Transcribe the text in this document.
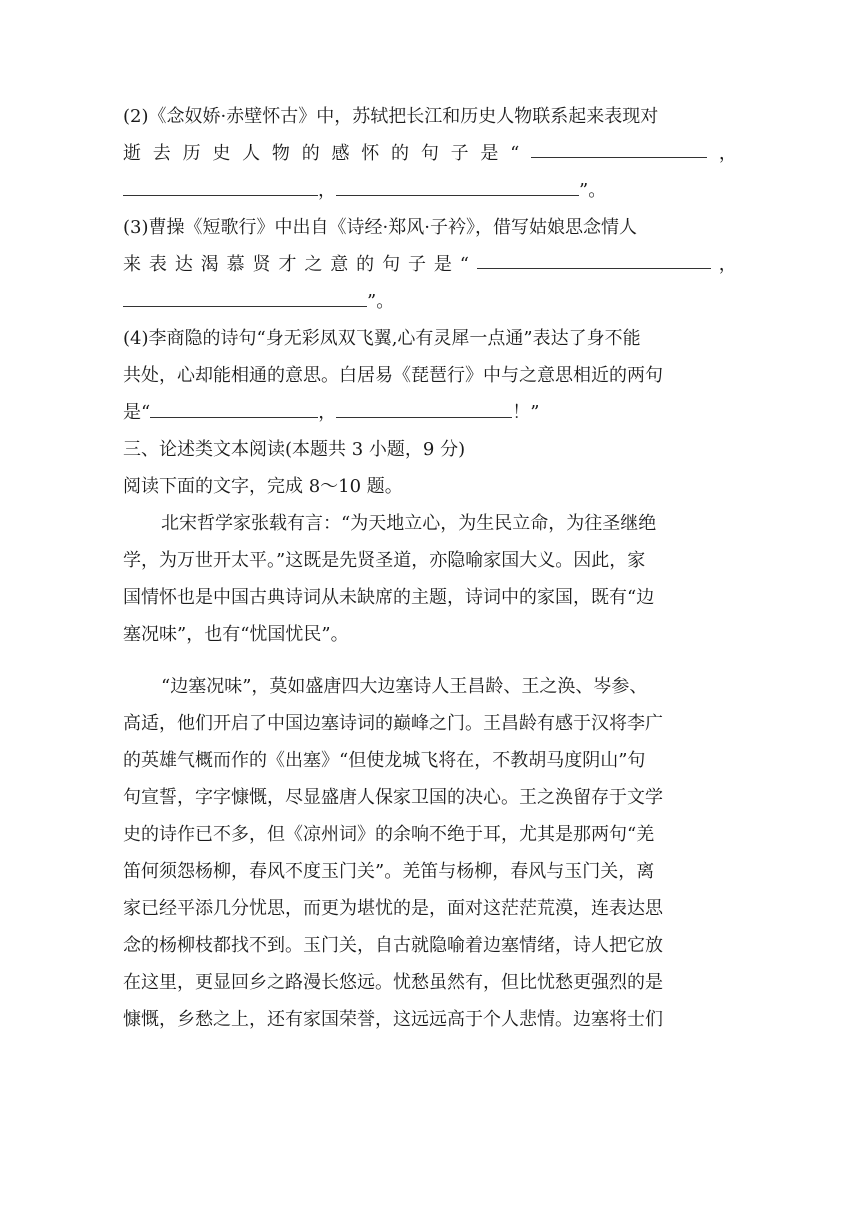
(2)《念奴娇·赤壁怀古》中，苏轼把长江和历史人物联系起来表现对
逝 去 历 史 人 物 的 感 怀 的 句 子 是 “	，
，	”。
(3)曹操《短歌行》中出自《诗经·郑风·子衿》，借写姑娘思念情人
来 表 达 渴 慕 贤 才 之 意 的 句 子 是 “	，
”。
(4)李商隐的诗句“身无彩凤双飞翼,心有灵犀一点通”表达了身不能
共处，心却能相通的意思。白居易《琵琶行》中与之意思相近的两句
是“	，	！”
三、论述类文本阅读(本题共 3 小题，9 分)
阅读下面的文字，完成 8～10 题。
北宋哲学家张载有言：“为天地立心，为生民立命，为往圣继绝
学，为万世开太平。”这既是先贤圣道，亦隐喻家国大义。因此，家
国情怀也是中国古典诗词从未缺席的主题，诗词中的家国，既有“边
塞况味”，也有“忧国忧民”。
“边塞况味”，莫如盛唐四大边塞诗人王昌龄、王之涣、岑参、
高适，他们开启了中国边塞诗词的巅峰之门。王昌龄有感于汉将李广
的英雄气概而作的《出塞》“但使龙城飞将在，不教胡马度阴山”句
句宣誓，字字慷慨，尽显盛唐人保家卫国的决心。王之涣留存于文学
史的诗作已不多，但《凉州词》的余响不绝于耳，尤其是那两句“羌
笛何须怨杨柳，春风不度玉门关”。羌笛与杨柳，春风与玉门关，离
家已经平添几分忧思，而更为堪忧的是，面对这茫茫荒漠，连表达思
念的杨柳枝都找不到。玉门关，自古就隐喻着边塞情绪，诗人把它放
在这里，更显回乡之路漫长悠远。忧愁虽然有，但比忧愁更强烈的是
慷慨，乡愁之上，还有家国荣誉，这远远高于个人悲情。边塞将士们
